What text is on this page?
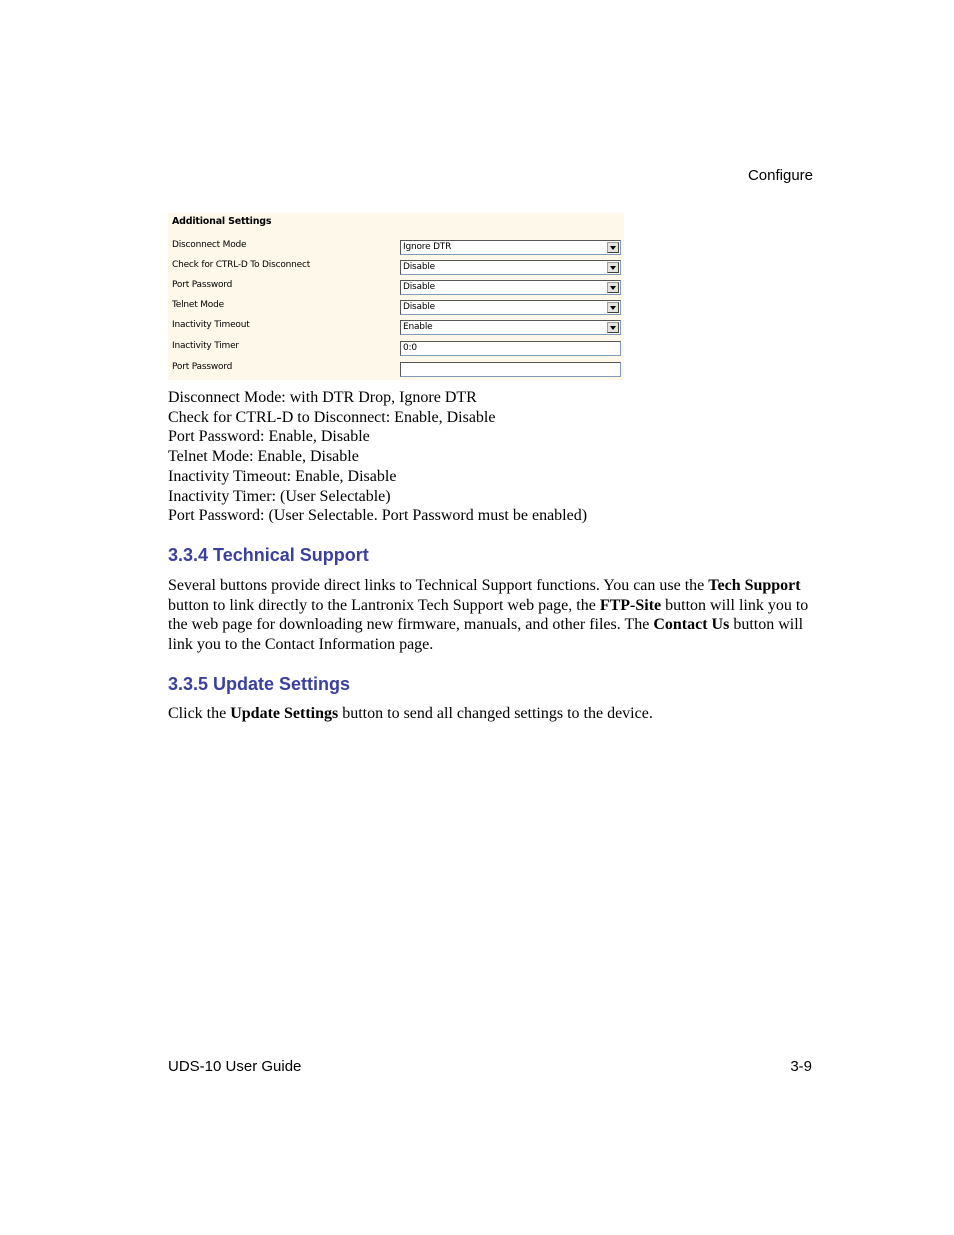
Configure
Additional Settings
Disconnect Mode	Ignore DTR
Check for CTRL-D To Disconnect	Disable
Port Password	Disable
Telnet Mode	Disable
Inactivity Timeout	Enable
Inactivity Timer	0:0
Port Password
Disconnect Mode: with DTR Drop, Ignore DTR
Check for CTRL-D to Disconnect: Enable, Disable
Port Password: Enable, Disable
Telnet Mode: Enable, Disable
Inactivity Timeout: Enable, Disable
Inactivity Timer: (User Selectable)
Port Password: (User Selectable. Port Password must be enabled)
3.3.4 Technical Support

Several buttons provide direct links to Technical Support functions. You can use the Tech Support button to link directly to the Lantronix Tech Support web page, the FTP-Site button will link you to the web page for downloading new firmware, manuals, and other files. The Contact Us button will link you to the Contact Information page.

3.3.5 Update Settings

Click the Update Settings button to send all changed settings to the device.

UDS-10 User Guide	3-9
